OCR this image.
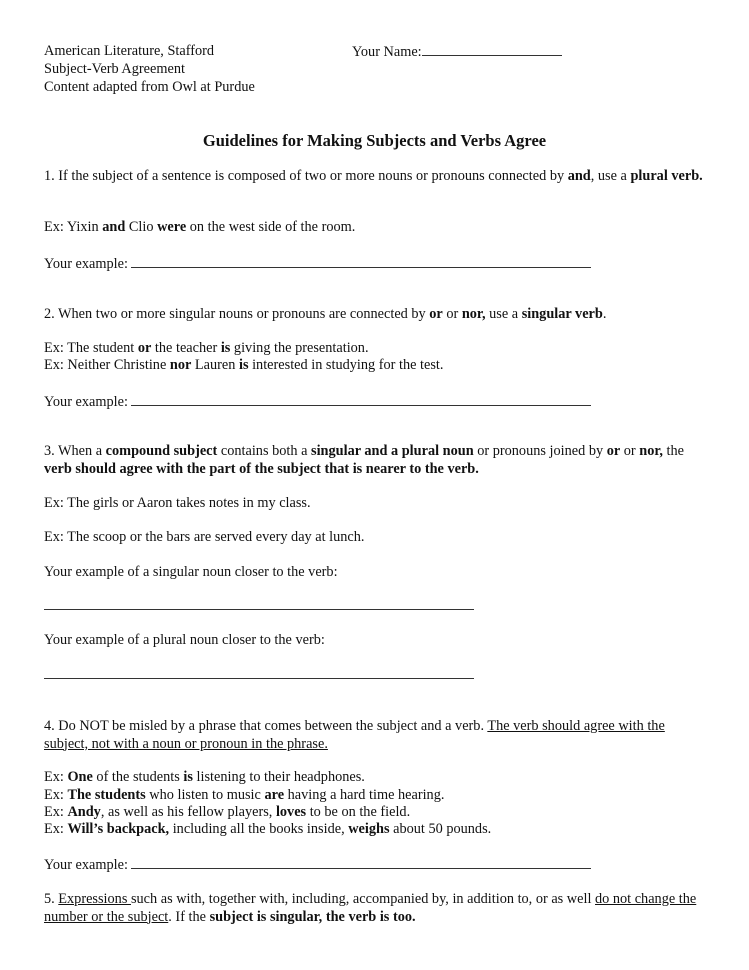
American Literature, Stafford
Subject-Verb Agreement
Content adapted from Owl at Purdue
Your Name:
Guidelines for Making Subjects and Verbs Agree
1. If the subject of a sentence is composed of two or more nouns or pronouns connected by and, use a plural verb.
Ex: Yixin and Clio were on the west side of the room.
Your example:
2. When two or more singular nouns or pronouns are connected by or or nor, use a singular verb.
Ex: The student or the teacher is giving the presentation.
Ex: Neither Christine nor Lauren is interested in studying for the test.
Your example:
3. When a compound subject contains both a singular and a plural noun or pronouns joined by or or nor, the verb should agree with the part of the subject that is nearer to the verb.
Ex: The girls or Aaron takes notes in my class.
Ex: The scoop or the bars are served every day at lunch.
Your example of a singular noun closer to the verb:
Your example of a plural noun closer to the verb:
4. Do NOT be misled by a phrase that comes between the subject and a verb. The verb should agree with the subject, not with a noun or pronoun in the phrase.
Ex: One of the students is listening to their headphones.
Ex: The students who listen to music are having a hard time hearing.
Ex: Andy, as well as his fellow players, loves to be on the field.
Ex: Will’s backpack, including all the books inside, weighs about 50 pounds.
Your example:
5. Expressions such as with, together with, including, accompanied by, in addition to, or as well do not change the number or the subject. If the subject is singular, the verb is too.
